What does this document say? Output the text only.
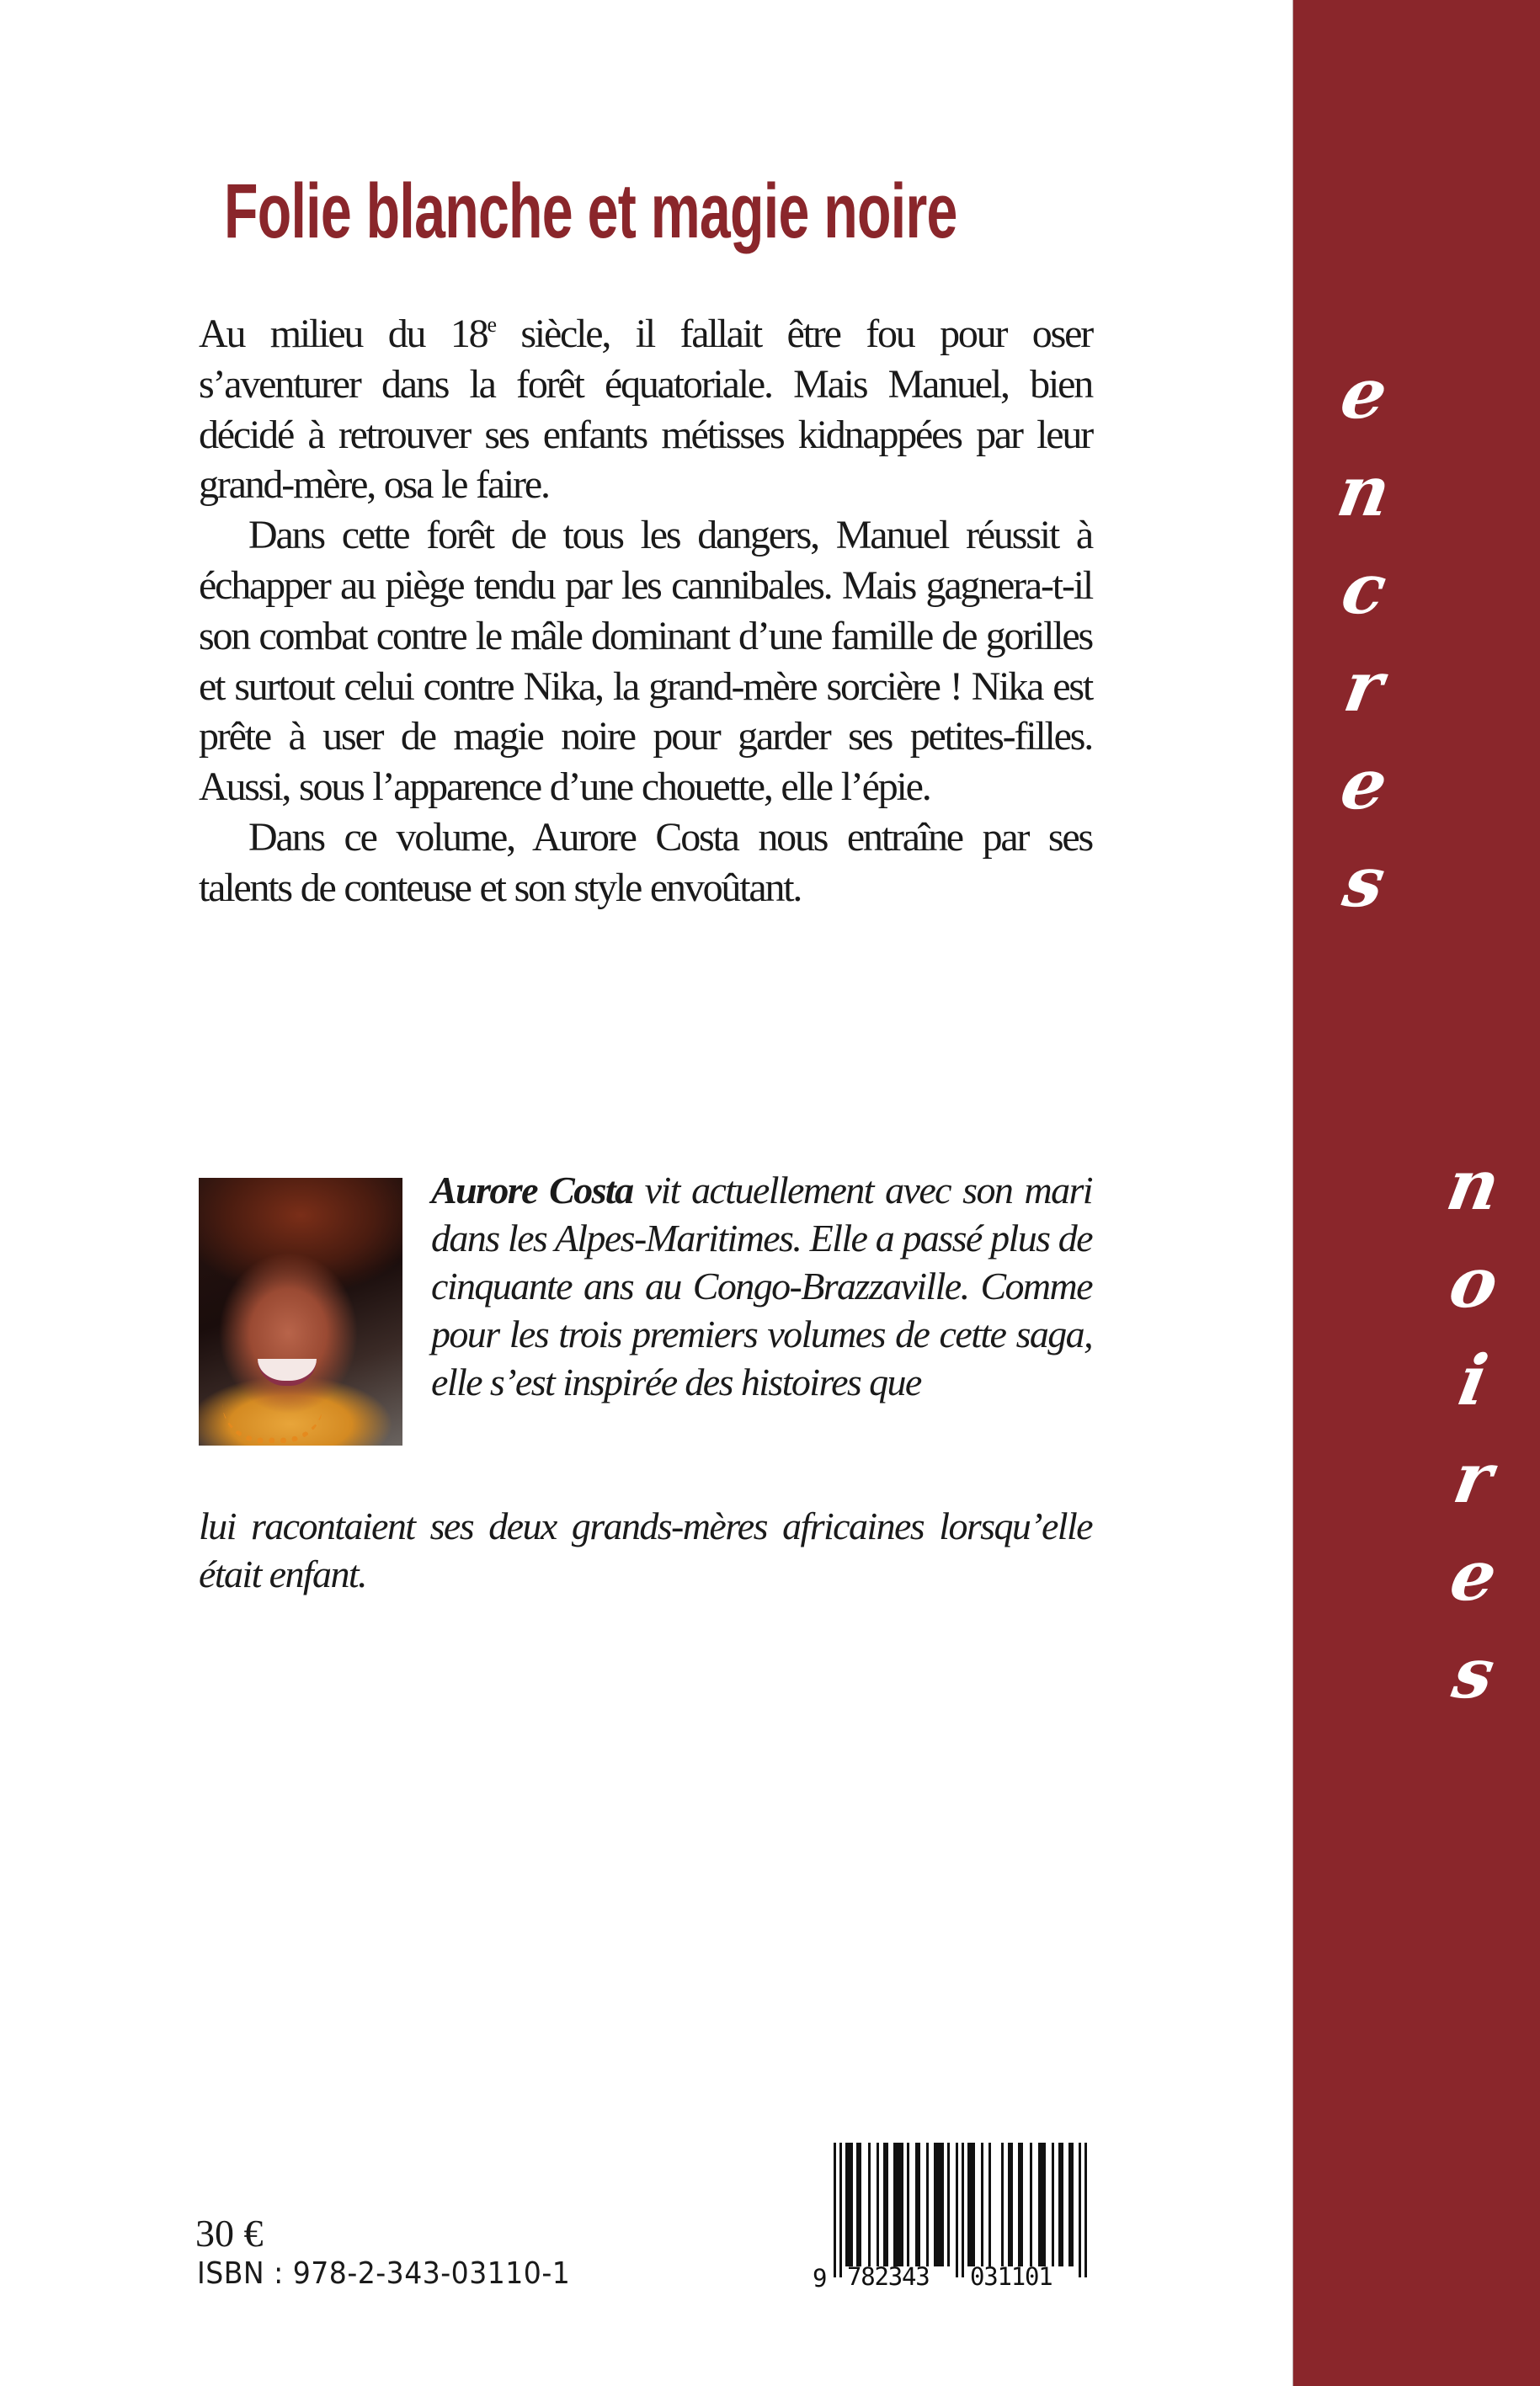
Folie blanche et magie noire

Au milieu du 18e siècle, il fallait être fou pour oser s’aventurer dans la forêt équatoriale. Mais Manuel, bien décidé à retrouver ses enfants métisses kidnappées par leur grand-mère, osa le faire.

Dans cette forêt de tous les dangers, Manuel réussit à échapper au piège tendu par les cannibales. Mais gagnera-t-il son combat contre le mâle dominant d’une famille de gorilles et surtout celui contre Nika, la grand-mère sorcière ! Nika est prête à user de magie noire pour garder ses petites-filles. Aussi, sous l’apparence d’une chouette, elle l’épie.

Dans ce volume, Aurore Costa nous entraîne par ses talents de conteuse et son style envoûtant.

Aurore Costa vit actuellement avec son mari dans les Alpes-Maritimes. Elle a passé plus de cinquante ans au Congo-Brazzaville. Comme pour les trois premiers volumes de cette saga, elle s’est inspirée des histoires que

lui racontaient ses deux grands-mères africaines lorsqu’elle était enfant.

e
n
c
r
e
s
n
o
i
r
e
s
30 €
ISBN : 978-2-343-03110-1	9 782343	031101
